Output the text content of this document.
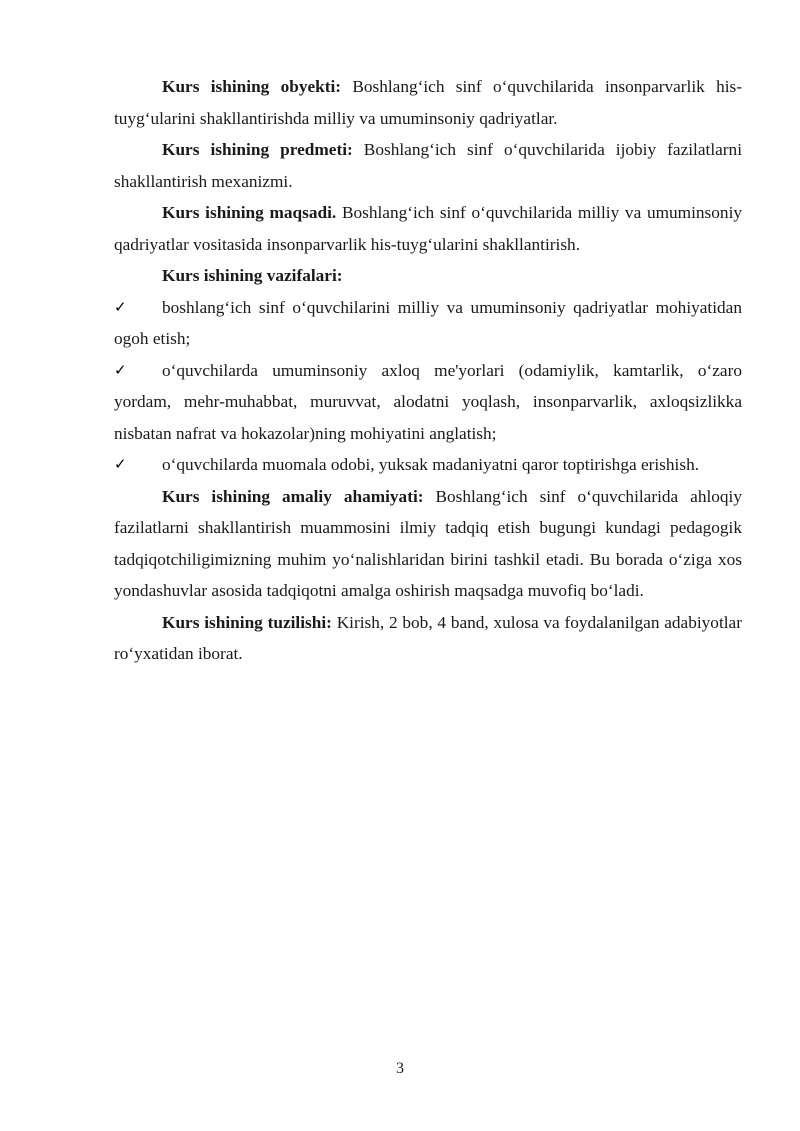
Kurs ishining obyekti: Boshlang‘ich sinf o‘quvchilarida insonparvarlik his-tuyg‘ularini shakllantirishda milliy va umuminsoniy qadriyatlar.

Kurs ishining predmeti: Boshlang‘ich sinf o‘quvchilarida ijobiy fazilatlarni shakllantirish mexanizmi.

Kurs ishining maqsadi. Boshlang‘ich sinf o‘quvchilarida milliy va umuminsoniy qadriyatlar vositasida insonparvarlik his-tuyg‘ularini shakllantirish.

Kurs ishining vazifalari:

✓ boshlang‘ich sinf o‘quvchilarini milliy va umuminsoniy qadriyatlar mohiyatidan ogoh etish;

✓ o‘quvchilarda umuminsoniy axloq me'yorlari (odamiylik, kamtarlik, o‘zaro yordam, mehr-muhabbat, muruvvat, alodatni yoqlash, insonparvarlik, axloqsizlikka nisbatan nafrat va hokazolar)ning mohiyatini anglatish;

✓ o‘quvchilarda muomala odobi, yuksak madaniyatni qaror toptirishga erishish.

Kurs ishining amaliy ahamiyati: Boshlang‘ich sinf o‘quvchilarida ahloqiy fazilatlarni shakllantirish muammosini ilmiy tadqiq etish bugungi kundagi pedagogik tadqiqotchiligimizning muhim yo‘nalishlaridan birini tashkil etadi. Bu borada o‘ziga xos yondashuvlar asosida tadqiqotni amalga oshirish maqsadga muvofiq bo‘ladi.

Kurs ishining tuzilishi: Kirish, 2 bob, 4 band, xulosa va foydalanilgan adabiyotlar ro‘yxatidan iborat.

3
